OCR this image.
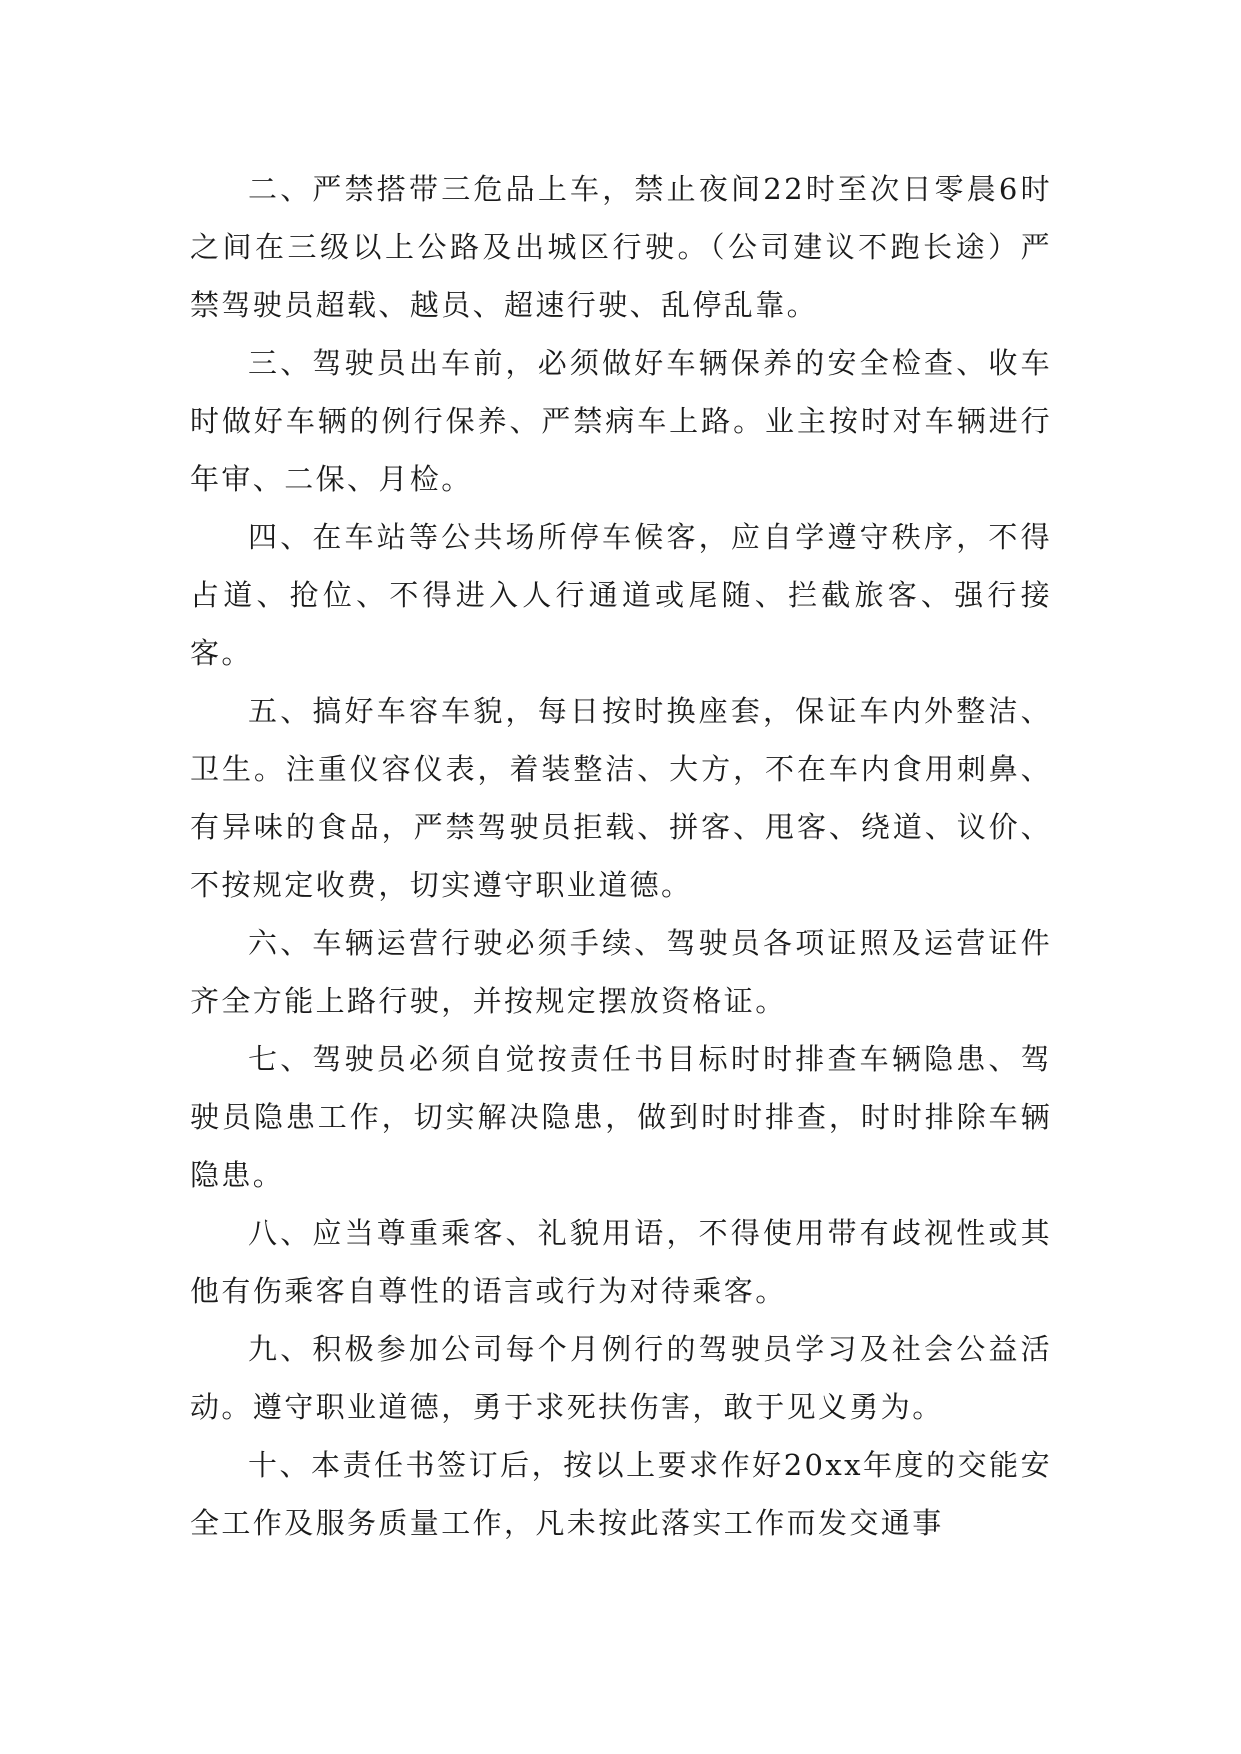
二、严禁搭带三危品上车，禁止夜间22时至次日零晨6时之间在三级以上公路及出城区行驶。（公司建议不跑长途）严禁驾驶员超载、越员、超速行驶、乱停乱靠。

三、驾驶员出车前，必须做好车辆保养的安全检查、收车时做好车辆的例行保养、严禁病车上路。业主按时对车辆进行年审、二保、月检。

四、在车站等公共场所停车候客，应自学遵守秩序，不得占道、抢位、不得进入人行通道或尾随、拦截旅客、强行接客。

五、搞好车容车貌，每日按时换座套，保证车内外整洁、卫生。注重仪容仪表，着装整洁、大方，不在车内食用刺鼻、有异味的食品，严禁驾驶员拒载、拼客、甩客、绕道、议价、不按规定收费，切实遵守职业道德。

六、车辆运营行驶必须手续、驾驶员各项证照及运营证件齐全方能上路行驶，并按规定摆放资格证。

七、驾驶员必须自觉按责任书目标时时排查车辆隐患、驾驶员隐患工作，切实解决隐患，做到时时排查，时时排除车辆隐患。

八、应当尊重乘客、礼貌用语，不得使用带有歧视性或其他有伤乘客自尊性的语言或行为对待乘客。

九、积极参加公司每个月例行的驾驶员学习及社会公益活动。遵守职业道德，勇于求死扶伤害，敢于见义勇为。

十、本责任书签订后，按以上要求作好20xx年度的交能安全工作及服务质量工作，凡未按此落实工作而发交通事
